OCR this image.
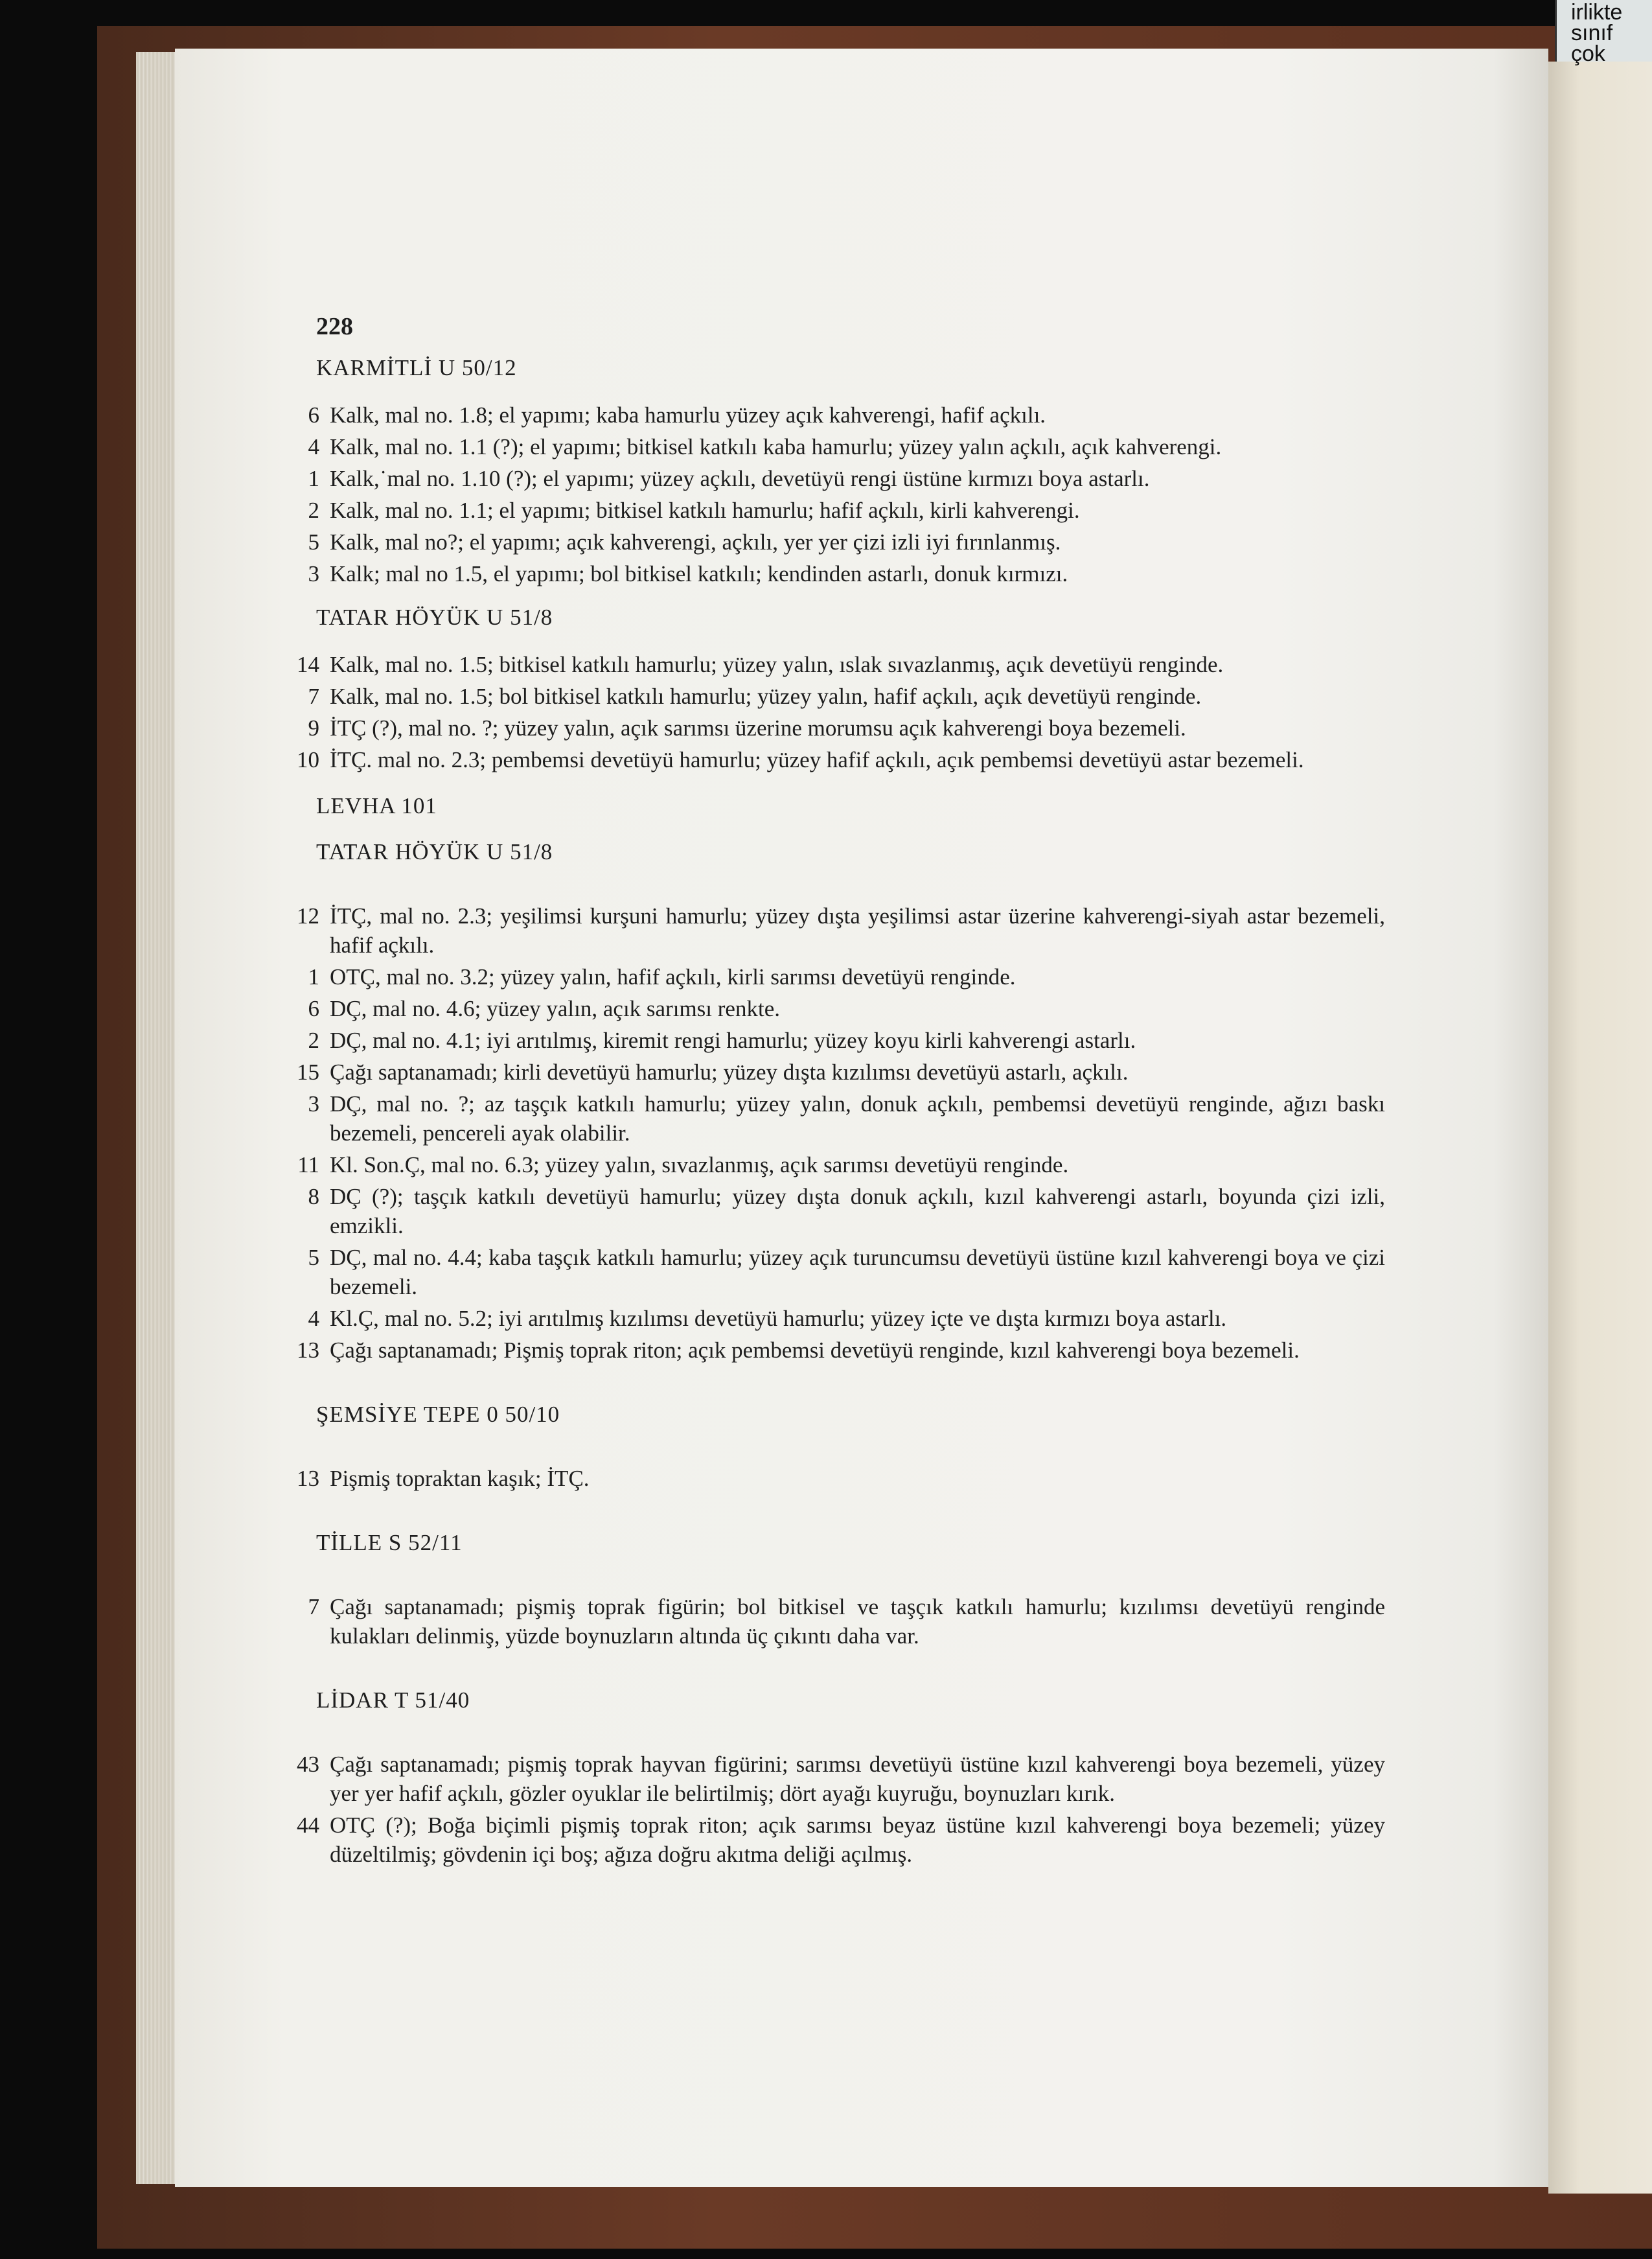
irlikte
sınıf
çok
228
KARMİTLİ U 50/12
6 Kalk, mal no. 1.8; el yapımı; kaba hamurlu yüzey açık kahverengi, hafif açkılı.
4 Kalk, mal no. 1.1 (?); el yapımı; bitkisel katkılı kaba hamurlu; yüzey yalın açkılı, açık kahverengi.
1 Kalk,˙mal no. 1.10 (?); el yapımı; yüzey açkılı, devetüyü rengi üstüne kırmızı boya astarlı.
2 Kalk, mal no. 1.1; el yapımı; bitkisel katkılı hamurlu; hafif açkılı, kirli kahverengi.
5 Kalk, mal no?; el yapımı; açık kahverengi, açkılı, yer yer çizi izli iyi fırınlanmış.
3 Kalk; mal no 1.5, el yapımı; bol bitkisel katkılı; kendinden astarlı, donuk kırmızı.
TATAR HÖYÜK U 51/8
14 Kalk, mal no. 1.5; bitkisel katkılı hamurlu; yüzey yalın, ıslak sıvazlanmış, açık devetüyü renginde.
7 Kalk, mal no. 1.5; bol bitkisel katkılı hamurlu; yüzey yalın, hafif açkılı, açık devetüyü renginde.
9 İTÇ (?), mal no. ?; yüzey yalın, açık sarımsı üzerine morumsu açık kahverengi boya bezemeli.
10 İTÇ. mal no. 2.3; pembemsi devetüyü hamurlu; yüzey hafif açkılı, açık pembemsi devetüyü astar bezemeli.
LEVHA 101
TATAR HÖYÜK U 51/8
12 İTÇ, mal no. 2.3; yeşilimsi kurşuni hamurlu; yüzey dışta yeşilimsi astar üzerine kahverengi-siyah astar bezemeli, hafif açkılı.
1 OTÇ, mal no. 3.2; yüzey yalın, hafif açkılı, kirli sarımsı devetüyü renginde.
6 DÇ, mal no. 4.6; yüzey yalın, açık sarımsı renkte.
2 DÇ, mal no. 4.1; iyi arıtılmış, kiremit rengi hamurlu; yüzey koyu kirli kahverengi astarlı.
15 Çağı saptanamadı; kirli devetüyü hamurlu; yüzey dışta kızılımsı devetüyü astarlı, açkılı.
3 DÇ, mal no. ?; az taşçık katkılı hamurlu; yüzey yalın, donuk açkılı, pembemsi devetüyü renginde, ağızı baskı bezemeli, pencereli ayak olabilir.
11 Kl. Son.Ç, mal no. 6.3; yüzey yalın, sıvazlanmış, açık sarımsı devetüyü renginde.
8 DÇ (?); taşçık katkılı devetüyü hamurlu; yüzey dışta donuk açkılı, kızıl kahverengi astarlı, boyunda çizi izli, emzikli.
5 DÇ, mal no. 4.4; kaba taşçık katkılı hamurlu; yüzey açık turuncumsu devetüyü üstüne kızıl kahverengi boya ve çizi bezemeli.
4 Kl.Ç, mal no. 5.2; iyi arıtılmış kızılımsı devetüyü hamurlu; yüzey içte ve dışta kırmızı boya astarlı.
13 Çağı saptanamadı; Pişmiş toprak riton; açık pembemsi devetüyü renginde, kızıl kahverengi boya bezemeli.
ŞEMSİYE TEPE 0 50/10
13 Pişmiş topraktan kaşık; İTÇ.
TİLLE S 52/11
7 Çağı saptanamadı; pişmiş toprak figürin; bol bitkisel ve taşçık katkılı hamurlu; kızılımsı devetüyü renginde kulakları delinmiş, yüzde boynuzların altında üç çıkıntı daha var.
LİDAR T 51/40
43 Çağı saptanamadı; pişmiş toprak hayvan figürini; sarımsı devetüyü üstüne kızıl kahverengi boya bezemeli, yüzey yer yer hafif açkılı, gözler oyuklar ile belirtilmiş; dört ayağı kuyruğu, boynuzları kırık.
44 OTÇ (?); Boğa biçimli pişmiş toprak riton; açık sarımsı beyaz üstüne kızıl kahverengi boya bezemeli; yüzey düzeltilmiş; gövdenin içi boş; ağıza doğru akıtma deliği açılmış.
